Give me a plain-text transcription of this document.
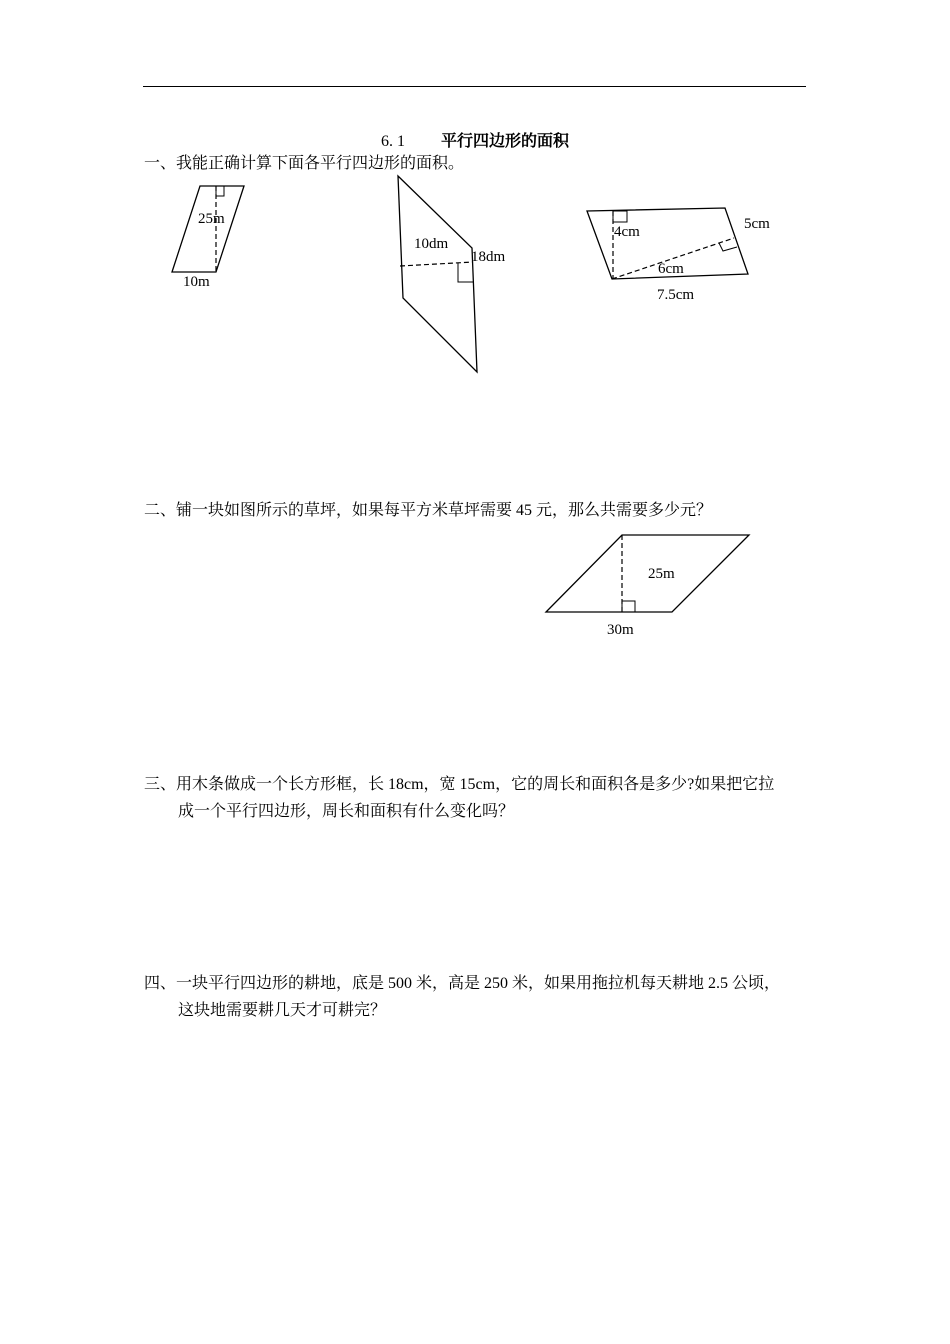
6. 1 平行四边形的面积
一、我能正确计算下面各平行四边形的面积。
25m
10m
10dm
18dm
4cm	5cm
6cm
7.5cm
25m
30m
二、铺一块如图所示的草坪，如果每平方米草坪需要 45 元，那么共需要多少元？
三、用木条做成一个长方形框，长 18cm，宽 15cm，它的周长和面积各是多少?如果把它拉
成一个平行四边形，周长和面积有什么变化吗？
四、一块平行四边形的耕地，底是 500 米，高是 250 米，如果用拖拉机每天耕地 2.5 公顷，
这块地需要耕几天才可耕完？
